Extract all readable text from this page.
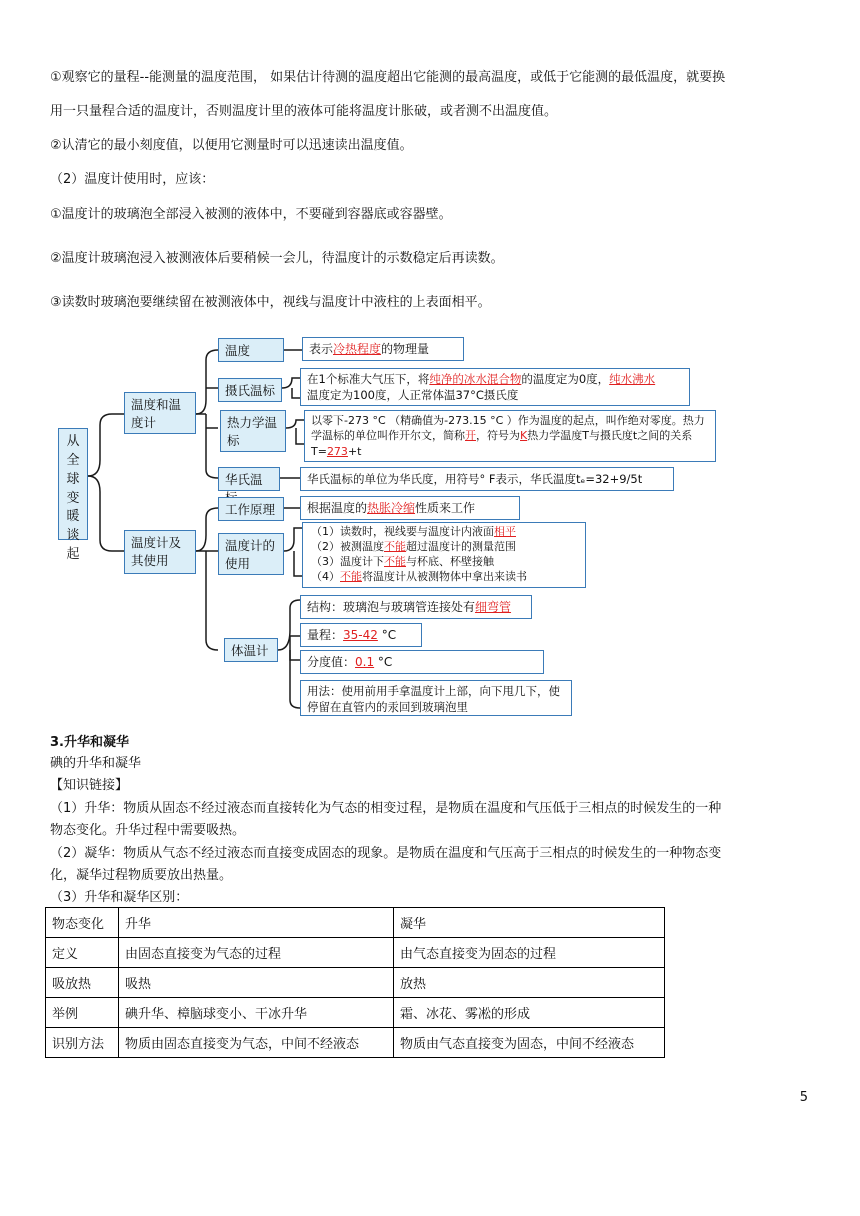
①观察它的量程--能测量的温度范围， 如果估计待测的温度超出它能测的最高温度，或低于它能测的最低温度，就要换
用一只量程合适的温度计，否则温度计里的液体可能将温度计胀破，或者测不出温度值。
②认清它的最小刻度值，以便用它测量时可以迅速读出温度值。
（2）温度计使用时，应该：
①温度计的玻璃泡全部浸入被测的液体中，不要碰到容器底或容器壁。
②温度计玻璃泡浸入被测液体后要稍候一会儿，待温度计的示数稳定后再读数。
③读数时玻璃泡要继续留在被测液体中，视线与温度计中液柱的上表面相平。
从全球变暖谈起
温度和温度计
温度计及其使用
温度
摄氏温标
热力学温标
华氏温
工作原理
温度计的使用
体温计
表示冷热程度的物理量
在1个标准大气压下，将纯净的冰水混合物的温度定为0度，纯水沸水
温度定为100度，人正常体温37°C摄氏度
以零下-273 °C （精确值为-273.15 °C ）作为温度的起点，叫作绝对零度。热力学温标的单位叫作开尔文，简称开，符号为K热力学温度T与摄氏度t之间的关系T=273+t
华氏温标的单位为华氏度，用符号° F表示，华氏温度tₑ=32+9/5t
根据温度的热胀冷缩性质来工作
（1）读数时，视线要与温度计内液面相平
（2）被测温度不能超过温度计的测量范围
（3）温度计下不能与杯底、杯壁接触
（4）不能将温度计从被测物体中拿出来读书
结构：玻璃泡与玻璃管连接处有细弯管
量程：35-42 °C
分度值：0.1 °C
用法：使用前用手拿温度计上部，向下甩几下，使停留在直管内的汞回到玻璃泡里
3.升华和凝华
碘的升华和凝华
【知识链接】
（1）升华：物质从固态不经过液态而直接转化为气态的相变过程，是物质在温度和气压低于三相点的时候发生的一种
物态变化。升华过程中需要吸热。
（2）凝华：物质从气态不经过液态而直接变成固态的现象。是物质在温度和气压高于三相点的时候发生的一种物态变
化，凝华过程物质要放出热量。
（3）升华和凝华区别：
物态变化	升华	凝华
定义	由固态直接变为气态的过程	由气态直接变为固态的过程
吸放热	吸热	放热
举例	碘升华、樟脑球变小、干冰升华	霜、冰花、雾凇的形成
识别方法	物质由固态直接变为气态，中间不经液态	物质由气态直接变为固态，中间不经液态
5
